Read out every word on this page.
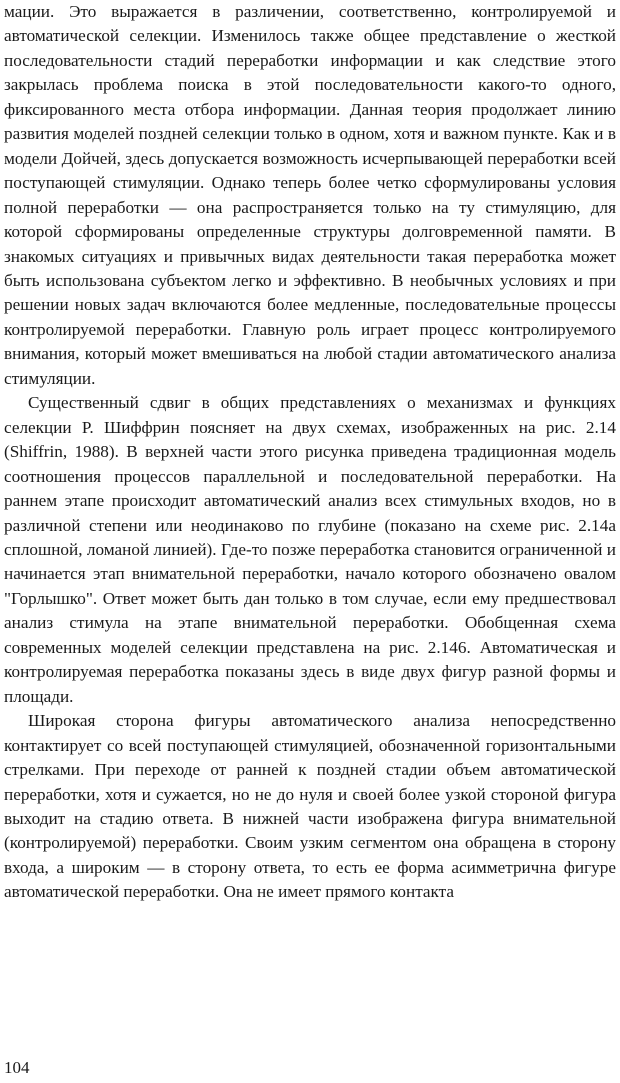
мации. Это выражается в различении, соответственно, контролируемой и автоматической селекции. Изменилось также общее представление о жесткой последовательности стадий переработки информации и как следствие этого закрылась проблема поиска в этой последовательности какого-то одного, фиксированного места отбора информации. Данная теория продолжает линию развития моделей поздней селекции только в одном, хотя и важном пункте. Как и в модели Дойчей, здесь допускается возможность исчерпывающей переработки всей поступающей стимуляции. Однако теперь более четко сформулированы условия полной переработки — она распространяется только на ту стимуляцию, для которой сформированы определенные структуры долговременной памяти. В знакомых ситуациях и привычных видах деятельности такая переработка может быть использована субъектом легко и эффективно. В необычных условиях и при решении новых задач включаются более медленные, последовательные процессы контролируемой переработки. Главную роль играет процесс контролируемого внимания, который может вмешиваться на любой стадии автоматического анализа стимуляции.

Существенный сдвиг в общих представлениях о механизмах и функциях селекции Р. Шиффрин поясняет на двух схемах, изображенных на рис. 2.14 (Shiffrin, 1988). В верхней части этого рисунка приведена традиционная модель соотношения процессов параллельной и последовательной переработки. На раннем этапе происходит автоматический анализ всех стимульных входов, но в различной степени или неодинаково по глубине (показано на схеме рис. 2.14а сплошной, ломаной линией). Где-то позже переработка становится ограниченной и начинается этап внимательной переработки, начало которого обозначено овалом "Горлышко". Ответ может быть дан только в том случае, если ему предшествовал анализ стимула на этапе внимательной переработки. Обобщенная схема современных моделей селекции представлена на рис. 2.146. Автоматическая и контролируемая переработка показаны здесь в виде двух фигур разной формы и площади.

Широкая сторона фигуры автоматического анализа непосредственно контактирует со всей поступающей стимуляцией, обозначенной горизонтальными стрелками. При переходе от ранней к поздней стадии объем автоматической переработки, хотя и сужается, но не до нуля и своей более узкой стороной фигура выходит на стадию ответа. В нижней части изображена фигура внимательной (контролируемой) переработки. Своим узким сегментом она обращена в сторону входа, а широким — в сторону ответа, то есть ее форма асимметрична фигуре автоматической переработки. Она не имеет прямого контакта

104
